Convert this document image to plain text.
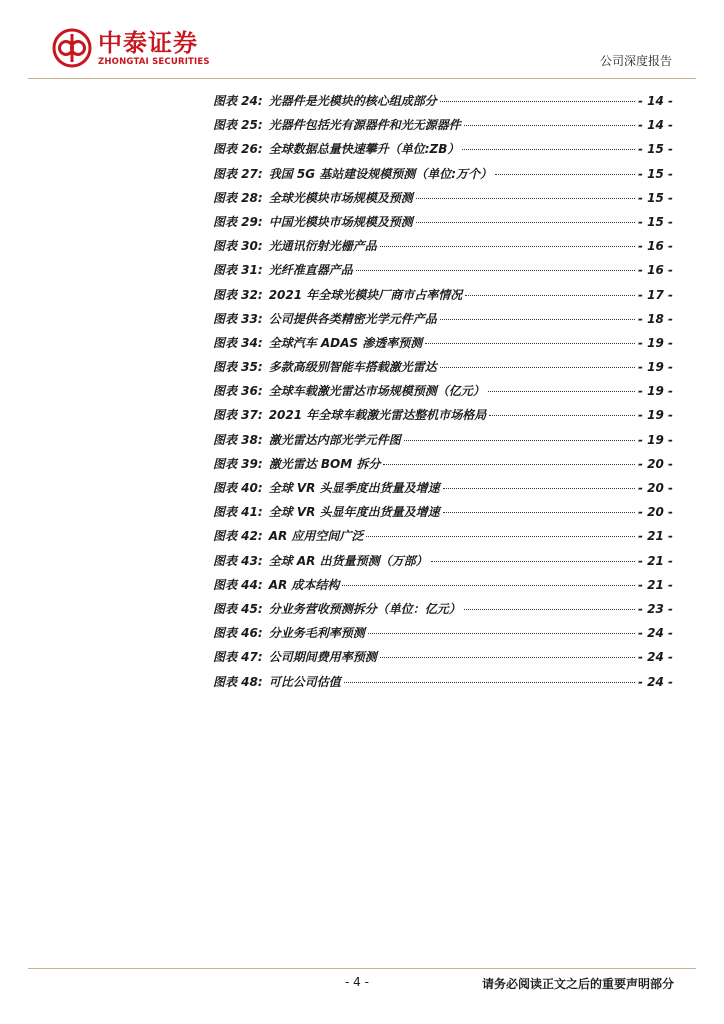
中泰证券
ZHONGTAI SECURITIES	公司深度报告
图表 24: 光器件是光模块的核心组成部分	- 14 -
图表 25: 光器件包括光有源器件和光无源器件	- 14 -
图表 26: 全球数据总量快速攀升（单位:ZB）	- 15 -
图表 27: 我国 5G 基站建设规模预测（单位:万个）	- 15 -
图表 28: 全球光模块市场规模及预测	- 15 -
图表 29: 中国光模块市场规模及预测	- 15 -
图表 30: 光通讯衍射光栅产品	- 16 -
图表 31: 光纤准直器产品	- 16 -
图表 32: 2021 年全球光模块厂商市占率情况	- 17 -
图表 33: 公司提供各类精密光学元件产品	- 18 -
图表 34: 全球汽车 ADAS 渗透率预测	- 19 -
图表 35: 多款高级别智能车搭载激光雷达	- 19 -
图表 36: 全球车载激光雷达市场规模预测（亿元）	- 19 -
图表 37: 2021 年全球车载激光雷达整机市场格局	- 19 -
图表 38: 激光雷达内部光学元件图	- 19 -
图表 39: 激光雷达 BOM 拆分	- 20 -
图表 40: 全球 VR 头显季度出货量及增速	- 20 -
图表 41: 全球 VR 头显年度出货量及增速	- 20 -
图表 42: AR 应用空间广泛	- 21 -
图表 43: 全球 AR 出货量预测（万部）	- 21 -
图表 44: AR 成本结构	- 21 -
图表 45: 分业务营收预测拆分（单位：亿元）	- 23 -
图表 46: 分业务毛利率预测	- 24 -
图表 47: 公司期间费用率预测	- 24 -
图表 48: 可比公司估值	- 24 -
- 4 -	请务必阅读正文之后的重要声明部分
